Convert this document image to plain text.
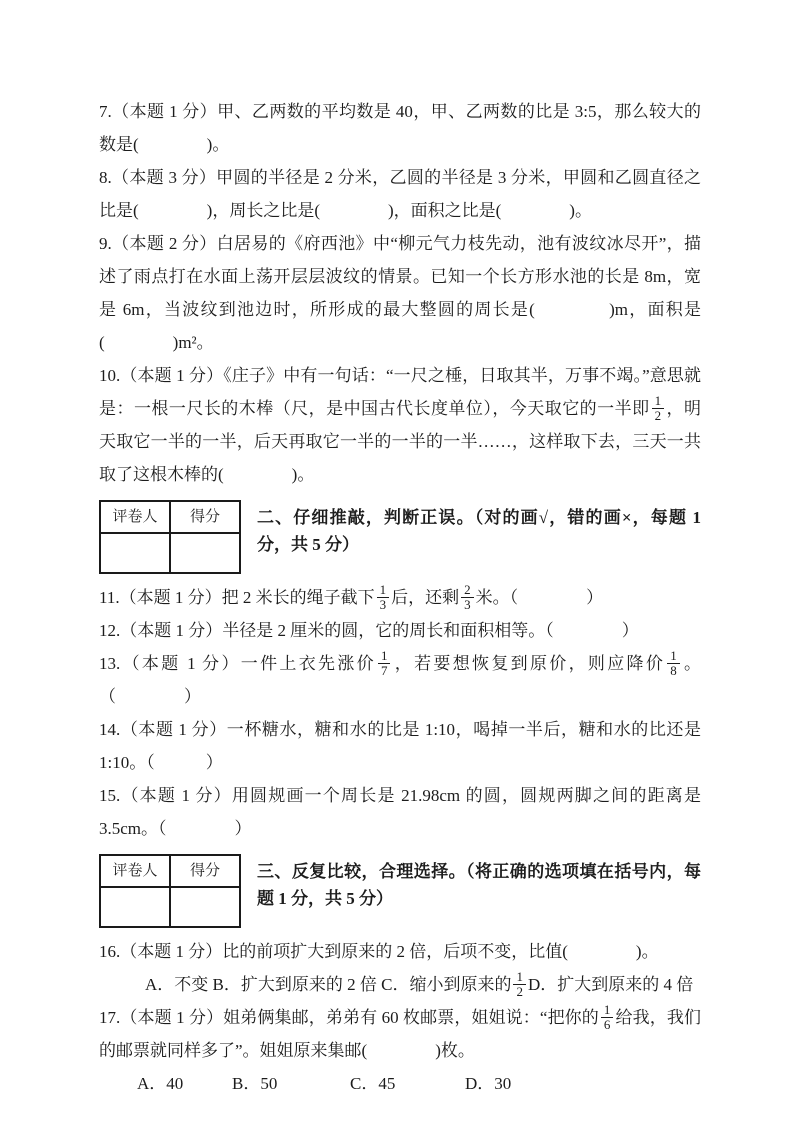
7.（本题 1 分）甲、乙两数的平均数是 40，甲、乙两数的比是 3:5，那么较大的数是(　　　　)。

8.（本题 3 分）甲圆的半径是 2 分米，乙圆的半径是 3 分米，甲圆和乙圆直径之比是(　　　　)，周长之比是(　　　　)，面积之比是(　　　　)。

9.（本题 2 分）白居易的《府西池》中“柳元气力枝先动，池有波纹冰尽开”，描述了雨点打在水面上荡开层层波纹的情景。已知一个长方形水池的长是 8m，宽是 6m，当波纹到池边时，所形成的最大整圆的周长是(　　　　)m，面积是(　　　　)m²。

10.（本题 1 分）《庄子》中有一句话：“一尺之棰，日取其半，万事不竭。”意思就是：一根一尺长的木棒（尺，是中国古代长度单位），今天取它的一半即 $\frac{1}{2}$ ，明天取它一半的一半，后天再取它一半的一半的一半……，这样取下去，三天一共取了这根木棒的(　　　　)。

评卷人	得分
	二、仔细推敲，判断正误。（对的画√，错的画×，每题 1 分，共 5 分）

11.（本题 1 分）把 2 米长的绳子截下 $\frac{1}{3}$ 后，还剩 $\frac{2}{3}$ 米。（　　　　）

12.（本题 1 分）半径是 2 厘米的圆，它的周长和面积相等。（　　　　）

13.（本题 1 分）一件上衣先涨价 $\frac{1}{7}$ ，若要想恢复到原价，则应降价 $\frac{1}{8}$ 。（　　　　）

14.（本题 1 分）一杯糖水，糖和水的比是 1:10，喝掉一半后，糖和水的比还是 1:10。（　　　）

15.（本题 1 分）用圆规画一个周长是 21.98cm 的圆，圆规两脚之间的距离是 3.5cm。（　　　　）

评卷人	得分
	三、反复比较，合理选择。（将正确的选项填在括号内，每题 1 分，共 5 分）

16.（本题 1 分）比的前项扩大到原来的 2 倍，后项不变，比值(　　　　)。

A．不变 B．扩大到原来的 2 倍 C．缩小到原来的 $\frac{1}{2}$ D．扩大到原来的 4 倍

17.（本题 1 分）姐弟俩集邮，弟弟有 60 枚邮票，姐姐说：“把你的 $\frac{1}{6}$ 给我，我们的邮票就同样多了”。姐姐原来集邮(　　　　)枚。

A．40	B．50	C．45	D．30
